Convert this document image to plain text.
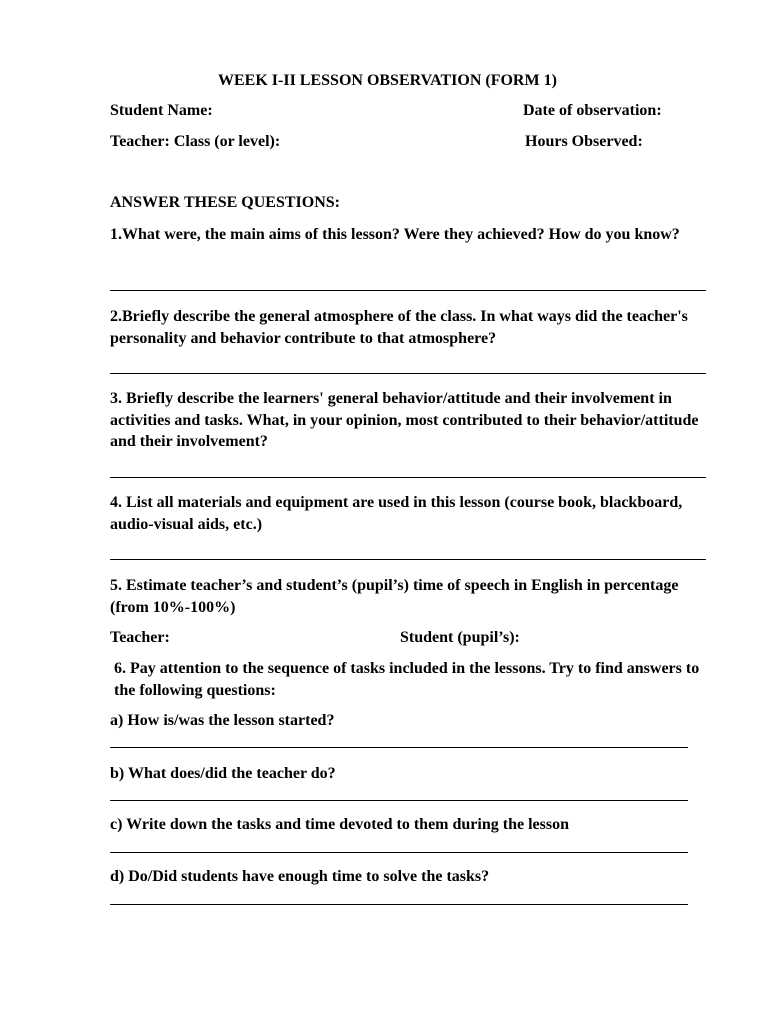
WEEK I-II LESSON OBSERVATION (FORM 1)
Student Name:	Date of observation:
Teacher: Class (or level):	Hours Observed:
ANSWER THESE QUESTIONS:
1.What were, the main aims of this lesson? Were they achieved? How do you know?
2.Briefly describe the general atmosphere of the class. In what ways did the teacher's personality and behavior contribute to that atmosphere?
3. Briefly describe the learners' general behavior/attitude and their involvement in activities and tasks. What, in your opinion, most contributed to their behavior/attitude and their involvement?
4. List all materials and equipment are used in this lesson (course book, blackboard, audio-visual aids, etc.)
5. Estimate teacher’s and student’s (pupil’s) time of speech in English in percentage (from 10%-100%)
Teacher:	Student (pupil’s):
6. Pay attention to the sequence of tasks included in the lessons. Try to find answers to the following questions:
a) How is/was the lesson started?
b) What does/did the teacher do?
c) Write down the tasks and time devoted to them during the lesson
d) Do/Did students have enough time to solve the tasks?
